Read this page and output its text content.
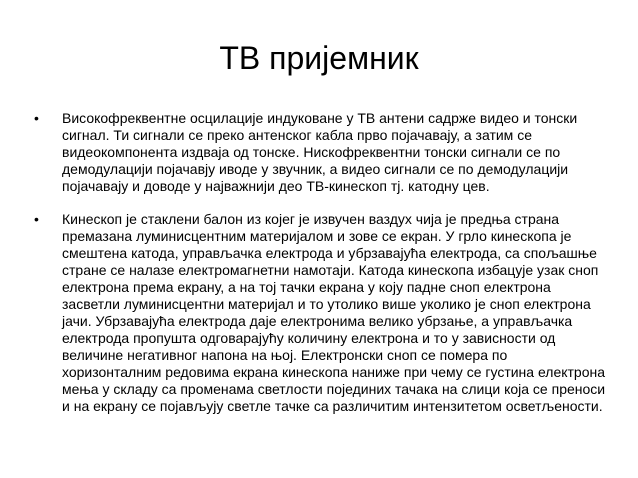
ТВ пријемник
• Високофреквентне осцилације индуковане у ТВ антени садрже видео и тонски сигнал. Ти сигнали се преко антенског кабла прво појачавају, а затим се видеокомпонента издваја од тонске. Нискофреквентни тонски сигнали се по демодулацији појачавју иводе у звучник, а видео сигнали се по демодулацији појачавају и доводе у најважнији део ТВ-кинескоп тј. катодну цев.
• Кинескоп је стаклени балон из којег је извучен ваздух чија је предња страна премазана луминисцентним материјалом и зове се екран. У грло кинескопа је смештена катода, управљачка електрода и убрзавајућа електрода, са спољашње стране се налазе електромагнетни намотаји. Катода кинескопа избацује узак сноп електрона према екрану, а на тој тачки екрана у коју падне сноп електрона засветли луминисцентни материјал и то утолико више уколико је сноп електрона јачи. Убрзавајућа електрода даје електронима велико убрзање, а управљачка електрода пропушта одговарајућу количину електрона и то у зависности од величине негативног напона на њој. Електронски сноп се помера по хоризонталним редовима екрана кинескопа наниже при чему се густина електрона мења у складу са променама светлости појединих тачака на слици која се преноси и на екрану се појављују светле тачке са различитим интензитетом осветљености.
